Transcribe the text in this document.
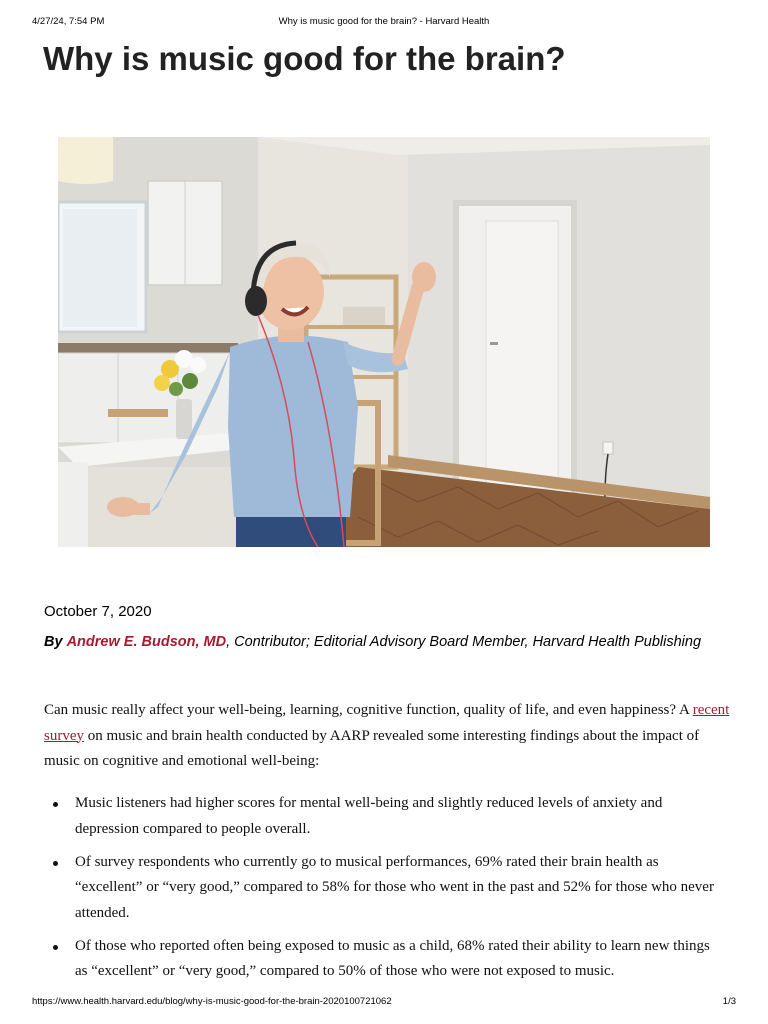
4/27/24, 7:54 PM	Why is music good for the brain? - Harvard Health
Why is music good for the brain?
October 7, 2020
By Andrew E. Budson, MD, Contributor; Editorial Advisory Board Member, Harvard Health Publishing

Can music really affect your well-being, learning, cognitive function, quality of life, and even happiness? A recent survey on music and brain health conducted by AARP revealed some interesting findings about the impact of music on cognitive and emotional well-being:

Music listeners had higher scores for mental well-being and slightly reduced levels of anxiety and depression compared to people overall.
Of survey respondents who currently go to musical performances, 69% rated their brain health as “excellent” or “very good,” compared to 58% for those who went in the past and 52% for those who never attended.
Of those who reported often being exposed to music as a child, 68% rated their ability to learn new things as “excellent” or “very good,” compared to 50% of those who were not exposed to music.
https://www.health.harvard.edu/blog/why-is-music-good-for-the-brain-2020100721062	1/3
